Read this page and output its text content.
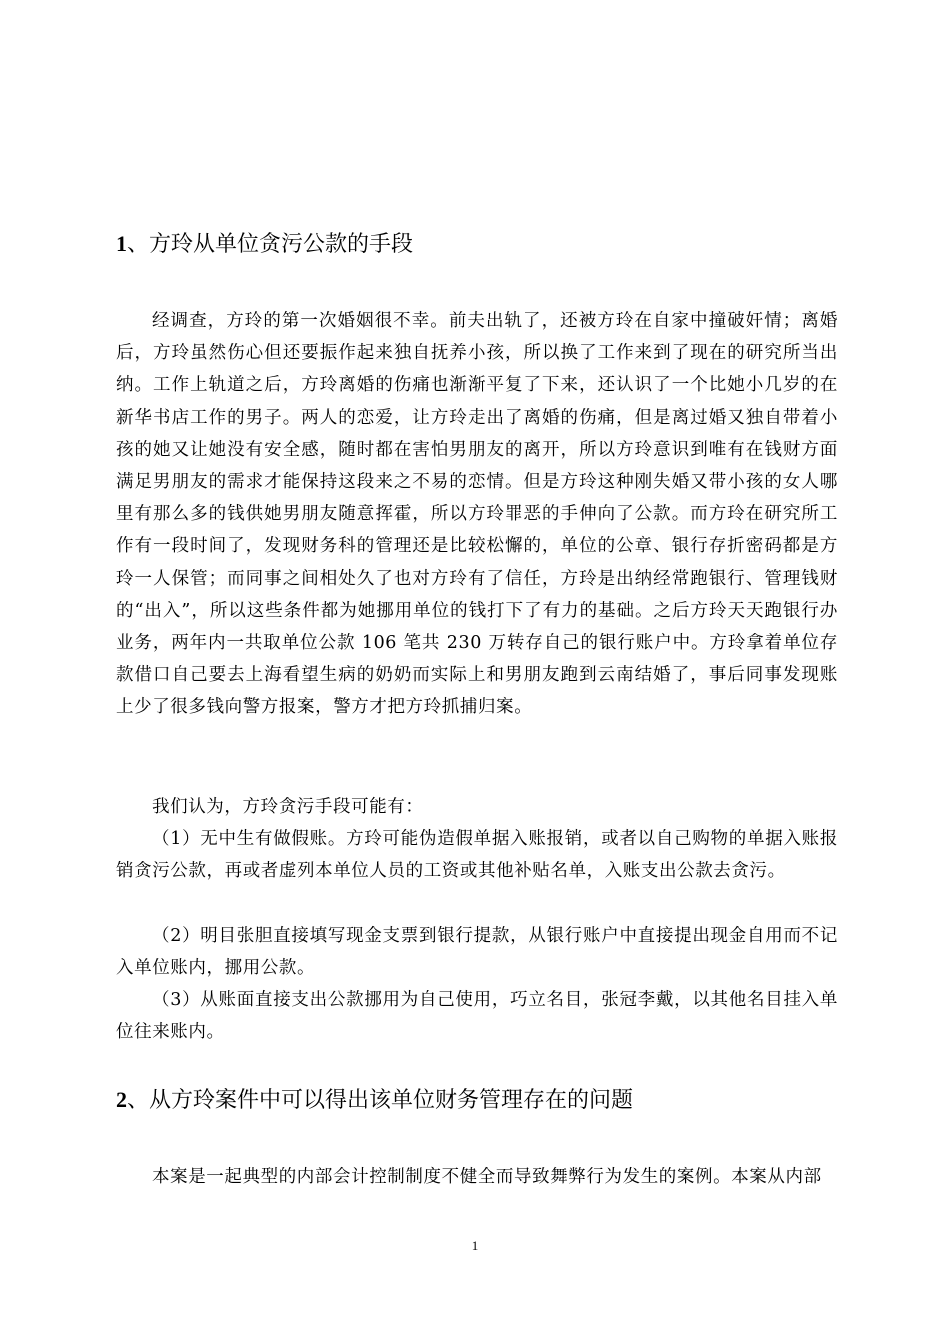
1、方玲从单位贪污公款的手段

经调查，方玲的第一次婚姻很不幸。前夫出轨了，还被方玲在自家中撞破奸情；离婚后，方玲虽然伤心但还要振作起来独自抚养小孩，所以换了工作来到了现在的研究所当出纳。工作上轨道之后，方玲离婚的伤痛也渐渐平复了下来，还认识了一个比她小几岁的在新华书店工作的男子。两人的恋爱，让方玲走出了离婚的伤痛，但是离过婚又独自带着小孩的她又让她没有安全感，随时都在害怕男朋友的离开，所以方玲意识到唯有在钱财方面满足男朋友的需求才能保持这段来之不易的恋情。但是方玲这种刚失婚又带小孩的女人哪里有那么多的钱供她男朋友随意挥霍，所以方玲罪恶的手伸向了公款。而方玲在研究所工作有一段时间了，发现财务科的管理还是比较松懈的，单位的公章、银行存折密码都是方玲一人保管；而同事之间相处久了也对方玲有了信任，方玲是出纳经常跑银行、管理钱财的“出入”，所以这些条件都为她挪用单位的钱打下了有力的基础。之后方玲天天跑银行办业务，两年内一共取单位公款 106 笔共 230 万转存自己的银行账户中。方玲拿着单位存款借口自己要去上海看望生病的奶奶而实际上和男朋友跑到云南结婚了，事后同事发现账上少了很多钱向警方报案，警方才把方玲抓捕归案。

我们认为，方玲贪污手段可能有：

（1）无中生有做假账。方玲可能伪造假单据入账报销，或者以自己购物的单据入账报销贪污公款，再或者虚列本单位人员的工资或其他补贴名单，入账支出公款去贪污。

（2）明目张胆直接填写现金支票到银行提款，从银行账户中直接提出现金自用而不记入单位账内，挪用公款。

（3）从账面直接支出公款挪用为自己使用，巧立名目，张冠李戴，以其他名目挂入单位往来账内。

2、从方玲案件中可以得出该单位财务管理存在的问题

本案是一起典型的内部会计控制制度不健全而导致舞弊行为发生的案例。本案从内部

1
